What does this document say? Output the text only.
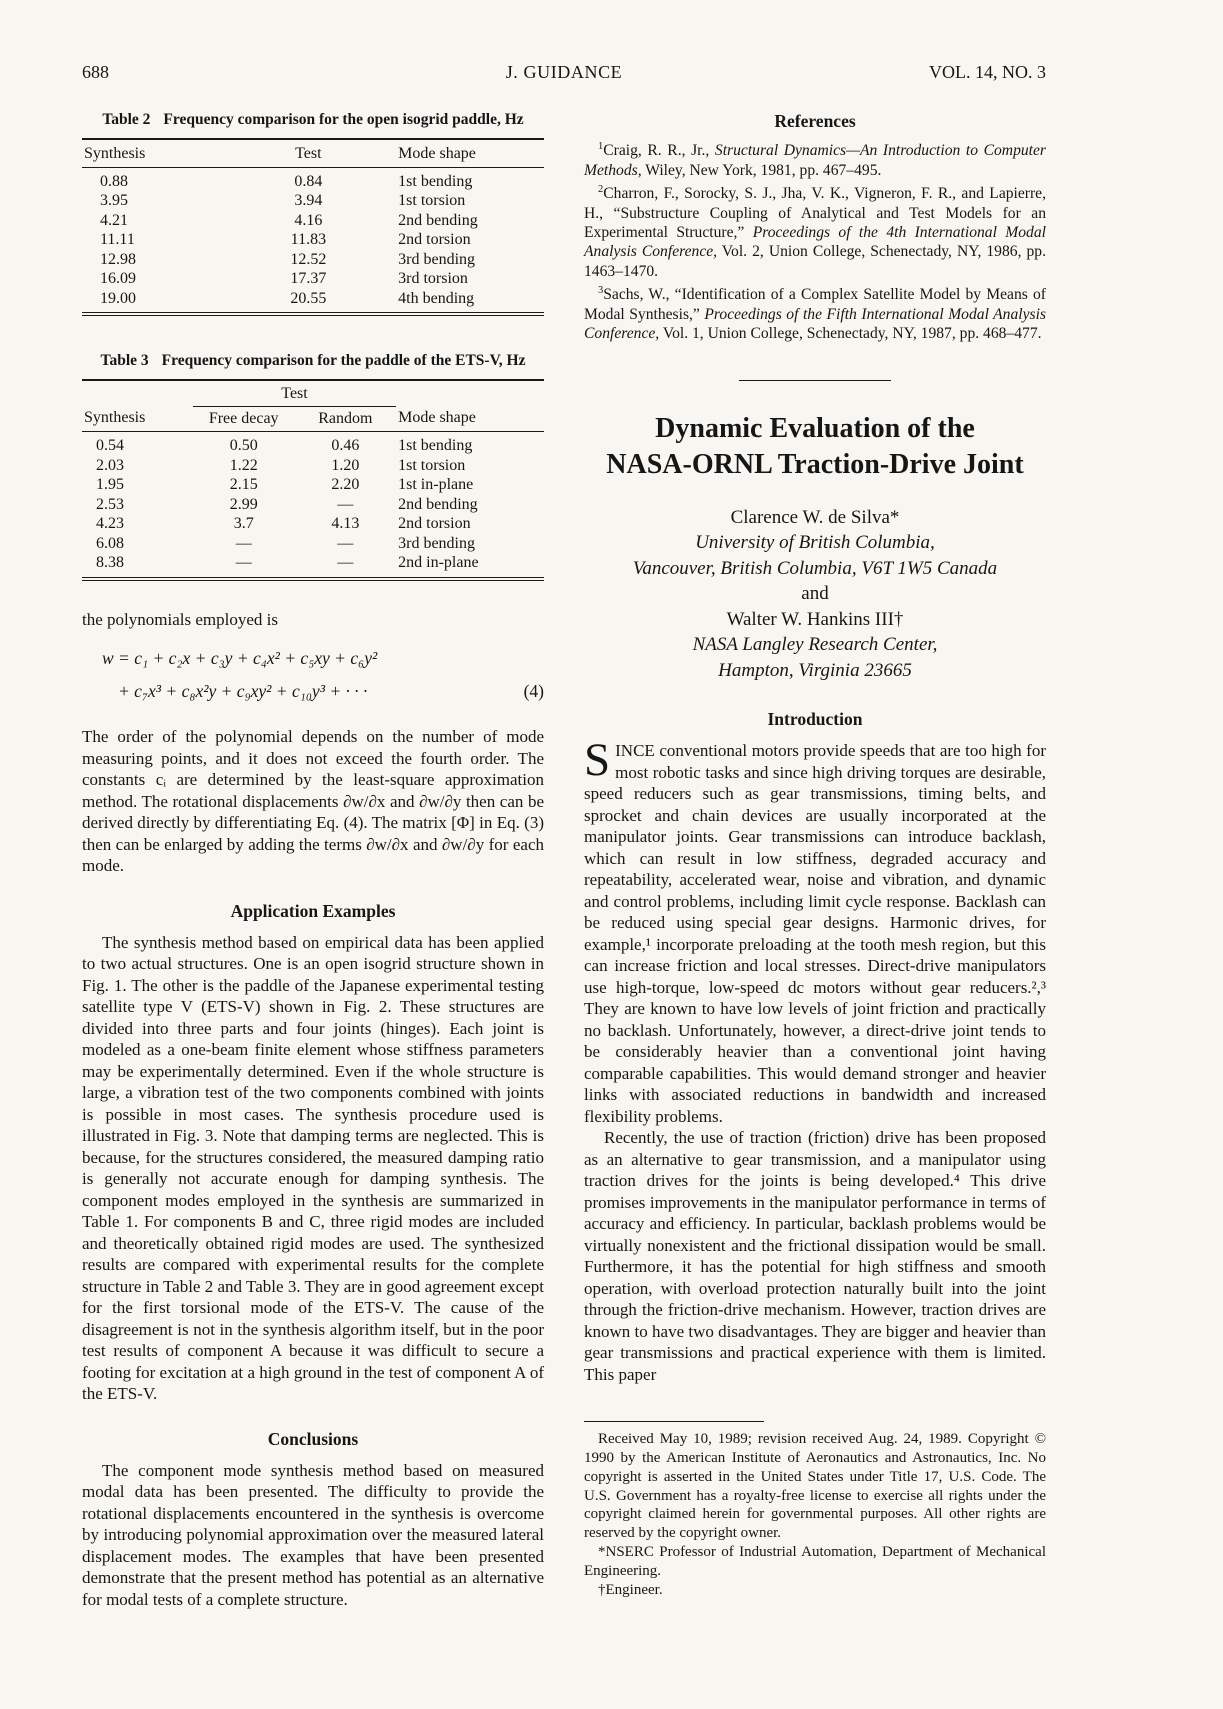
688	J. GUIDANCE	VOL. 14, NO. 3
Table 2 Frequency comparison for the open isogrid paddle, Hz
Synthesis	Test	Mode shape
0.88	0.84	1st bending
3.95	3.94	1st torsion
4.21	4.16	2nd bending
11.11	11.83	2nd torsion
12.98	12.52	3rd bending
16.09	17.37	3rd torsion
19.00	20.55	4th bending
Table 3 Frequency comparison for the paddle of the ETS-V, Hz
	Test		
Synthesis	Free decay	Random	Mode shape
0.54	0.50	0.46	1st bending
2.03	1.22	1.20	1st torsion
1.95	2.15	2.20	1st in-plane
2.53	2.99	—	2nd bending
4.23	3.7	4.13	2nd torsion
6.08	—	—	3rd bending
8.38	—	—	2nd in-plane

the polynomials employed is

w = c₁ + c₂x + c₃y + c₄x² + c₅xy + c₆y²
+ c₇x³ + c₈x²y + c₉xy² + c₁₀y³ + · · ·	(4)

The order of the polynomial depends on the number of mode measuring points, and it does not exceed the fourth order. The constants cᵢ are determined by the least-square approximation method. The rotational displacements ∂w/∂x and ∂w/∂y then can be derived directly by differentiating Eq. (4). The matrix [Φ] in Eq. (3) then can be enlarged by adding the terms ∂w/∂x and ∂w/∂y for each mode.

Application Examples

The synthesis method based on empirical data has been applied to two actual structures. One is an open isogrid structure shown in Fig. 1. The other is the paddle of the Japanese experimental testing satellite type V (ETS-V) shown in Fig. 2. These structures are divided into three parts and four joints (hinges). Each joint is modeled as a one-beam finite element whose stiffness parameters may be experimentally determined. Even if the whole structure is large, a vibration test of the two components combined with joints is possible in most cases. The synthesis procedure used is illustrated in Fig. 3. Note that damping terms are neglected. This is because, for the structures considered, the measured damping ratio is generally not accurate enough for damping synthesis. The component modes employed in the synthesis are summarized in Table 1. For components B and C, three rigid modes are included and theoretically obtained rigid modes are used. The synthesized results are compared with experimental results for the complete structure in Table 2 and Table 3. They are in good agreement except for the first torsional mode of the ETS-V. The cause of the disagreement is not in the synthesis algorithm itself, but in the poor test results of component A because it was difficult to secure a footing for excitation at a high ground in the test of component A of the ETS-V.

Conclusions

The component mode synthesis method based on measured modal data has been presented. The difficulty to provide the rotational displacements encountered in the synthesis is overcome by introducing polynomial approximation over the measured lateral displacement modes. The examples that have been presented demonstrate that the present method has potential as an alternative for modal tests of a complete structure.

References

$^1$Craig, R. R., Jr., Structural Dynamics—An Introduction to Computer Methods, Wiley, New York, 1981, pp. 467–495.

$^2$Charron, F., Sorocky, S. J., Jha, V. K., Vigneron, F. R., and Lapierre, H., “Substructure Coupling of Analytical and Test Models for an Experimental Structure,” Proceedings of the 4th International Modal Analysis Conference, Vol. 2, Union College, Schenectady, NY, 1986, pp. 1463–1470.

$^3$Sachs, W., “Identification of a Complex Satellite Model by Means of Modal Synthesis,” Proceedings of the Fifth International Modal Analysis Conference, Vol. 1, Union College, Schenectady, NY, 1987, pp. 468–477.

Dynamic Evaluation of the
NASA-ORNL Traction-Drive Joint
Clarence W. de Silva*
University of British Columbia,
Vancouver, British Columbia, V6T 1W5 Canada
and
Walter W. Hankins III†
NASA Langley Research Center,
Hampton, Virginia 23665
Introduction

SINCE conventional motors provide speeds that are too high for most robotic tasks and since high driving torques are desirable, speed reducers such as gear transmissions, timing belts, and sprocket and chain devices are usually incorporated at the manipulator joints. Gear transmissions can introduce backlash, which can result in low stiffness, degraded accuracy and repeatability, accelerated wear, noise and vibration, and dynamic and control problems, including limit cycle response. Backlash can be reduced using special gear designs. Harmonic drives, for example,¹ incorporate preloading at the tooth mesh region, but this can increase friction and local stresses. Direct-drive manipulators use high-torque, low-speed dc motors without gear reducers.²,³ They are known to have low levels of joint friction and practically no backlash. Unfortunately, however, a direct-drive joint tends to be considerably heavier than a conventional joint having comparable capabilities. This would demand stronger and heavier links with associated reductions in bandwidth and increased flexibility problems.

Recently, the use of traction (friction) drive has been proposed as an alternative to gear transmission, and a manipulator using traction drives for the joints is being developed.⁴ This drive promises improvements in the manipulator performance in terms of accuracy and efficiency. In particular, backlash problems would be virtually nonexistent and the frictional dissipation would be small. Furthermore, it has the potential for high stiffness and smooth operation, with overload protection naturally built into the joint through the friction-drive mechanism. However, traction drives are known to have two disadvantages. They are bigger and heavier than gear transmissions and practical experience with them is limited. This paper

Received May 10, 1989; revision received Aug. 24, 1989. Copyright © 1990 by the American Institute of Aeronautics and Astronautics, Inc. No copyright is asserted in the United States under Title 17, U.S. Code. The U.S. Government has a royalty-free license to exercise all rights under the copyright claimed herein for governmental purposes. All other rights are reserved by the copyright owner.

*NSERC Professor of Industrial Automation, Department of Mechanical Engineering.

†Engineer.
